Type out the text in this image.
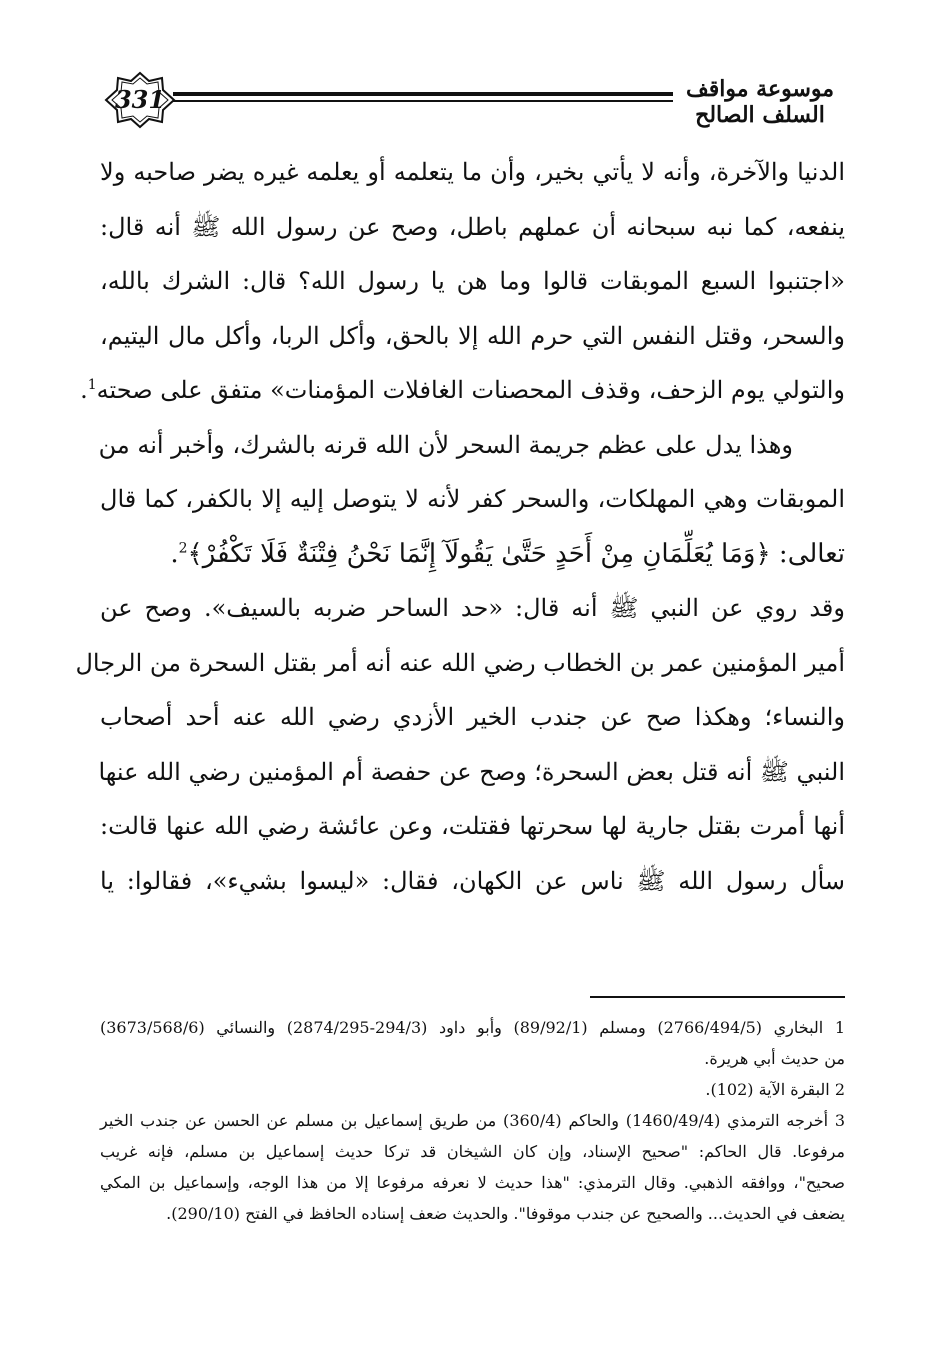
331	موسوعة مواقف السلف الصالح
الدنيا والآخرة، وأنه لا يأتي بخير، وأن ما يتعلمه أو يعلمه غيره يضر صاحبه ولا
ينفعه، كما نبه سبحانه أن عملهم باطل، وصح عن رسول الله ﷺ أنه قال:
«اجتنبوا السبع الموبقات قالوا وما هن يا رسول الله؟ قال: الشرك بالله،
والسحر، وقتل النفس التي حرم الله إلا بالحق، وأكل الربا، وأكل مال اليتيم،
والتولي يوم الزحف، وقذف المحصنات الغافلات المؤمنات» متفق على صحته$^1$.
وهذا يدل على عظم جريمة السحر لأن الله قرنه بالشرك، وأخبر أنه من
الموبقات وهي المهلكات، والسحر كفر لأنه لا يتوصل إليه إلا بالكفر، كما قال
تعالى: ﴿وَمَا يُعَلِّمَانِ مِنْ أَحَدٍ حَتَّىٰ يَقُولَآ إِنَّمَا نَحْنُ فِتْنَةٌ فَلَا تَكْفُرْ﴾$^2$.
وقد روي عن النبي ﷺ أنه قال: «حد الساحر ضربه بالسيف». وصح عن
أمير المؤمنين عمر بن الخطاب رضي الله عنه أنه أمر بقتل السحرة من الرجال
والنساء؛ وهكذا صح عن جندب الخير الأزدي رضي الله عنه أحد أصحاب
النبي ﷺ أنه قتل بعض السحرة؛ وصح عن حفصة أم المؤمنين رضي الله عنها
أنها أمرت بقتل جارية لها سحرتها فقتلت، وعن عائشة رضي الله عنها قالت:
سأل رسول الله ﷺ ناس عن الكهان، فقال: «ليسوا بشيء»، فقالوا: يا
1 البخاري (2766/494/5) ومسلم (89/92/1) وأبو داود (294/3-2874/295) والنسائي (3673/568/6)
من حديث أبي هريرة.
2 البقرة الآية (102).
3 أخرجه الترمذي (1460/49/4) والحاكم (360/4) من طريق إسماعيل بن مسلم عن الحسن عن جندب الخير
مرفوعا. قال الحاكم: "صحيح الإسناد، وإن كان الشيخان قد تركا حديث إسماعيل بن مسلم، فإنه غريب
صحيح"، ووافقه الذهبي. وقال الترمذي: "هذا حديث لا نعرفه مرفوعا إلا من هذا الوجه، وإسماعيل بن المكي
يضعف في الحديث... والصحيح عن جندب موقوفا". والحديث ضعف إسناده الحافظ في الفتح (290/10).
